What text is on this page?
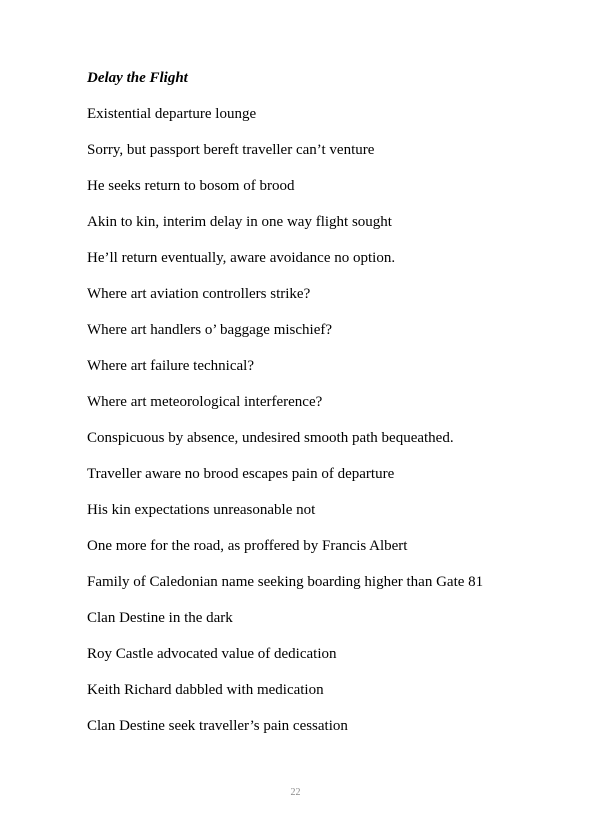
Delay the Flight

Existential departure lounge

Sorry, but passport bereft traveller can’t venture

He seeks return to bosom of brood

Akin to kin, interim delay in one way flight sought

He’ll return eventually, aware avoidance no option.

Where art aviation controllers strike?

Where art handlers o’ baggage mischief?

Where art failure technical?

Where art meteorological interference?

Conspicuous by absence, undesired smooth path bequeathed.

Traveller aware no brood escapes pain of departure

His kin expectations unreasonable not

One more for the road, as proffered by Francis Albert

Family of Caledonian name seeking boarding higher than Gate 81

Clan Destine in the dark

Roy Castle advocated value of dedication

Keith Richard dabbled with medication

Clan Destine seek traveller’s pain cessation

22
